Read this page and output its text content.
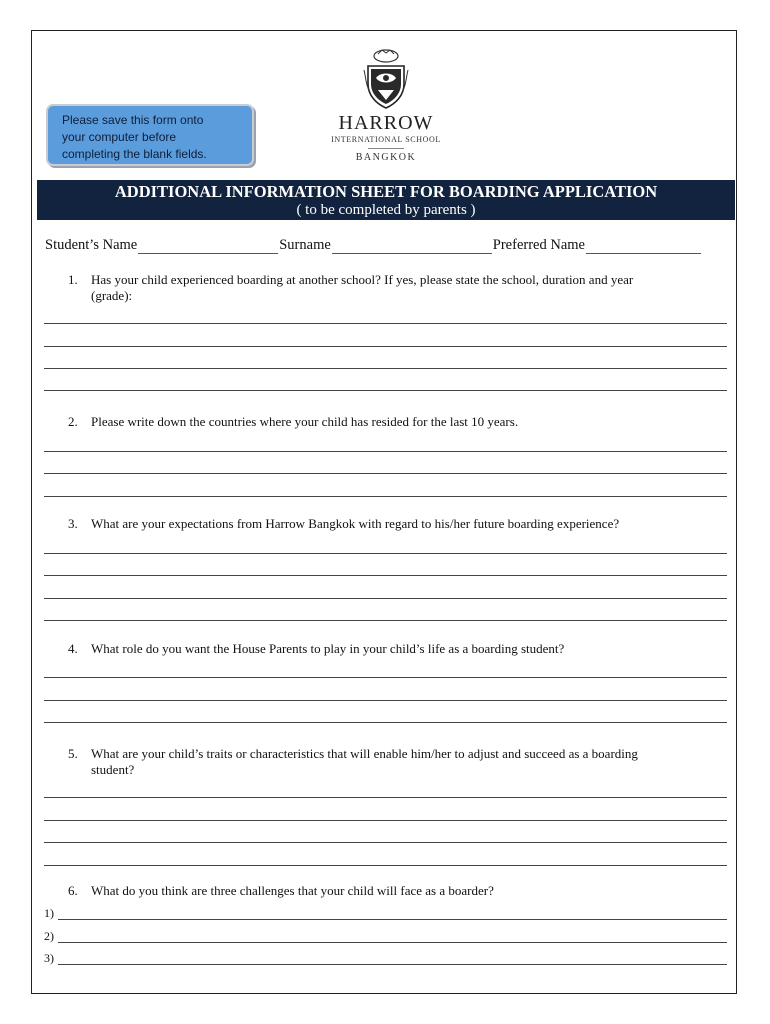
Please save this form onto
your computer before
completing the blank fields.
HARROW
INTERNATIONAL SCHOOL
BANGKOK
ADDITIONAL INFORMATION SHEET FOR BOARDING APPLICATION
( to be completed by parents )
Student’s Name	Surname	Preferred Name
1.	Has your child experienced boarding at another school? If yes, please state the school, duration and year
(grade):
2.	Please write down the countries where your child has resided for the last 10 years.
3.	What are your expectations from Harrow Bangkok with regard to his/her future boarding experience?
4.	What role do you want the House Parents to play in your child’s life as a boarding student?
5.	What are your child’s traits or characteristics that will enable him/her to adjust and succeed as a boarding
student?
6.	What do you think are three challenges that your child will face as a boarder?
1)
2)
3)
